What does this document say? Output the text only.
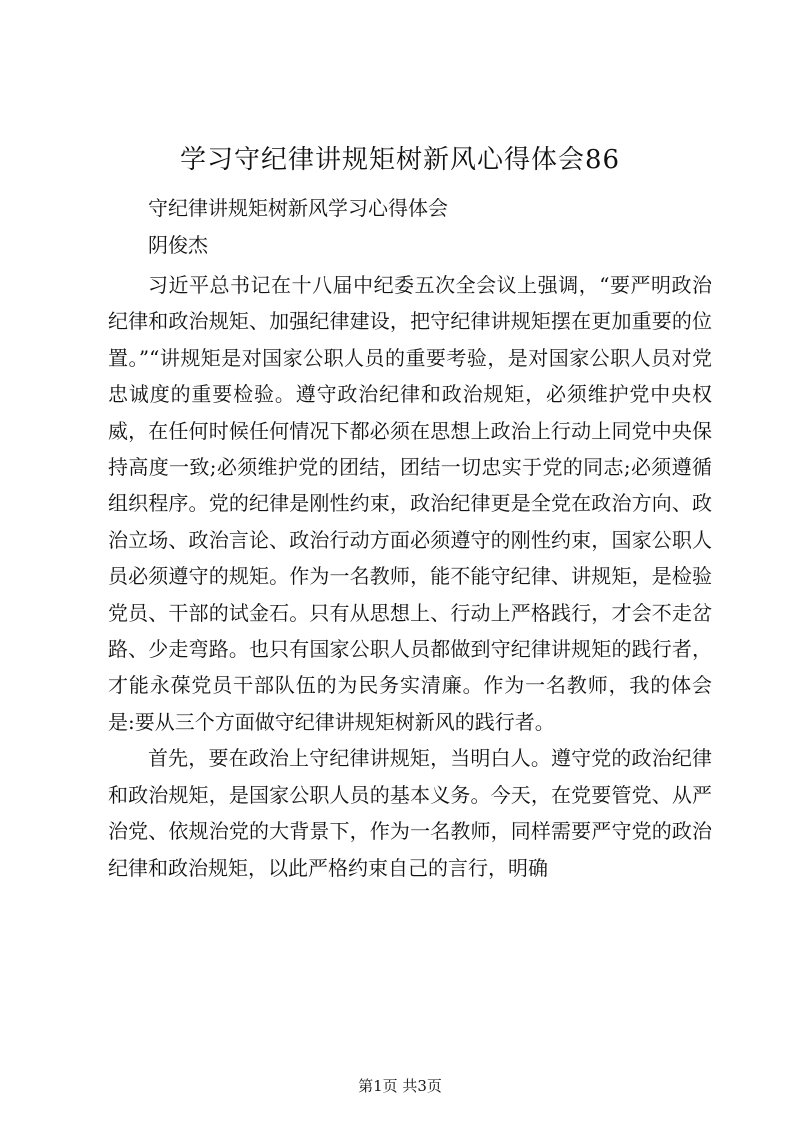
学习守纪律讲规矩树新风心得体会86
守纪律讲规矩树新风学习心得体会
阴俊杰

习近平总书记在十八届中纪委五次全会议上强调，“要严明政治纪律和政治规矩、加强纪律建设，把守纪律讲规矩摆在更加重要的位置。”“讲规矩是对国家公职人员的重要考验，是对国家公职人员对党忠诚度的重要检验。遵守政治纪律和政治规矩，必须维护党中央权威，在任何时候任何情况下都必须在思想上政治上行动上同党中央保持高度一致;必须维护党的团结，团结一切忠实于党的同志;必须遵循组织程序。党的纪律是刚性约束，政治纪律更是全党在政治方向、政治立场、政治言论、政治行动方面必须遵守的刚性约束，国家公职人员必须遵守的规矩。作为一名教师，能不能守纪律、讲规矩，是检验党员、干部的试金石。只有从思想上、行动上严格践行，才会不走岔路、少走弯路。也只有国家公职人员都做到守纪律讲规矩的践行者，才能永葆党员干部队伍的为民务实清廉。作为一名教师，我的体会是:要从三个方面做守纪律讲规矩树新风的践行者。

首先，要在政治上守纪律讲规矩，当明白人。遵守党的政治纪律和政治规矩，是国家公职人员的基本义务。今天，在党要管党、从严治党、依规治党的大背景下，作为一名教师，同样需要严守党的政治纪律和政治规矩，以此严格约束自己的言行，明确

第1页 共3页
